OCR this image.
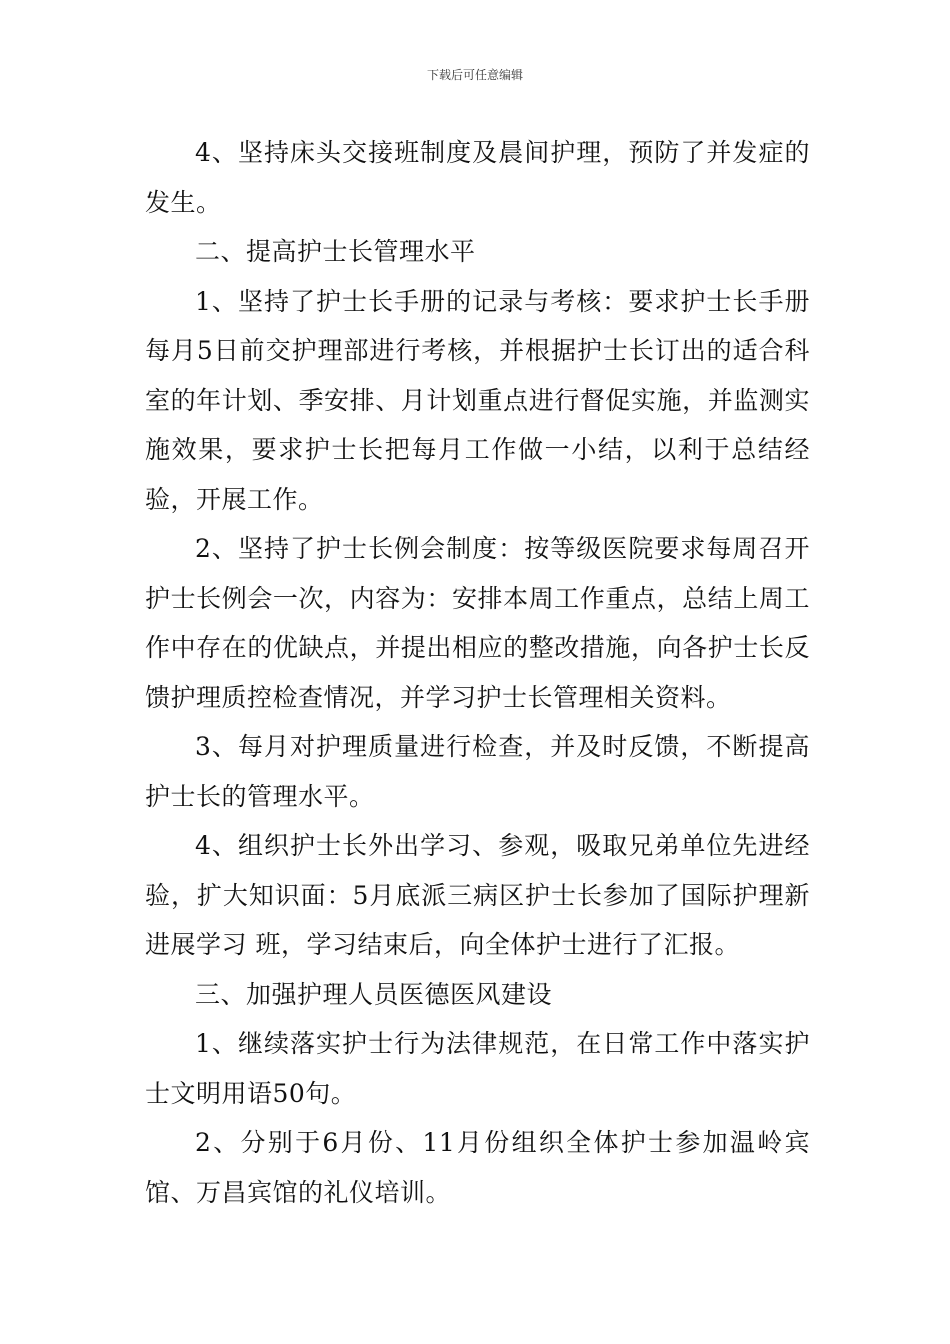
下载后可任意编辑

4、坚持床头交接班制度及晨间护理，预防了并发症的发生。

二、提高护士长管理水平

1、坚持了护士长手册的记录与考核：要求护士长手册每月5日前交护理部进行考核，并根据护士长订出的适合科室的年计划、季安排、月计划重点进行督促实施，并监测实施效果，要求护士长把每月工作做一小结，以利于总结经验，开展工作。

2、坚持了护士长例会制度：按等级医院要求每周召开护士长例会一次，内容为：安排本周工作重点，总结上周工作中存在的优缺点，并提出相应的整改措施，向各护士长反馈护理质控检查情况，并学习护士长管理相关资料。

3、每月对护理质量进行检查，并及时反馈，不断提高护士长的管理水平。

4、组织护士长外出学习、参观，吸取兄弟单位先进经验，扩大知识面：5月底派三病区护士长参加了国际护理新进展学习 班，学习结束后，向全体护士进行了汇报。

三、加强护理人员医德医风建设

1、继续落实护士行为法律规范，在日常工作中落实护士文明用语50句。

2、分别于6月份、11月份组织全体护士参加温岭宾馆、万昌宾馆的礼仪培训。
